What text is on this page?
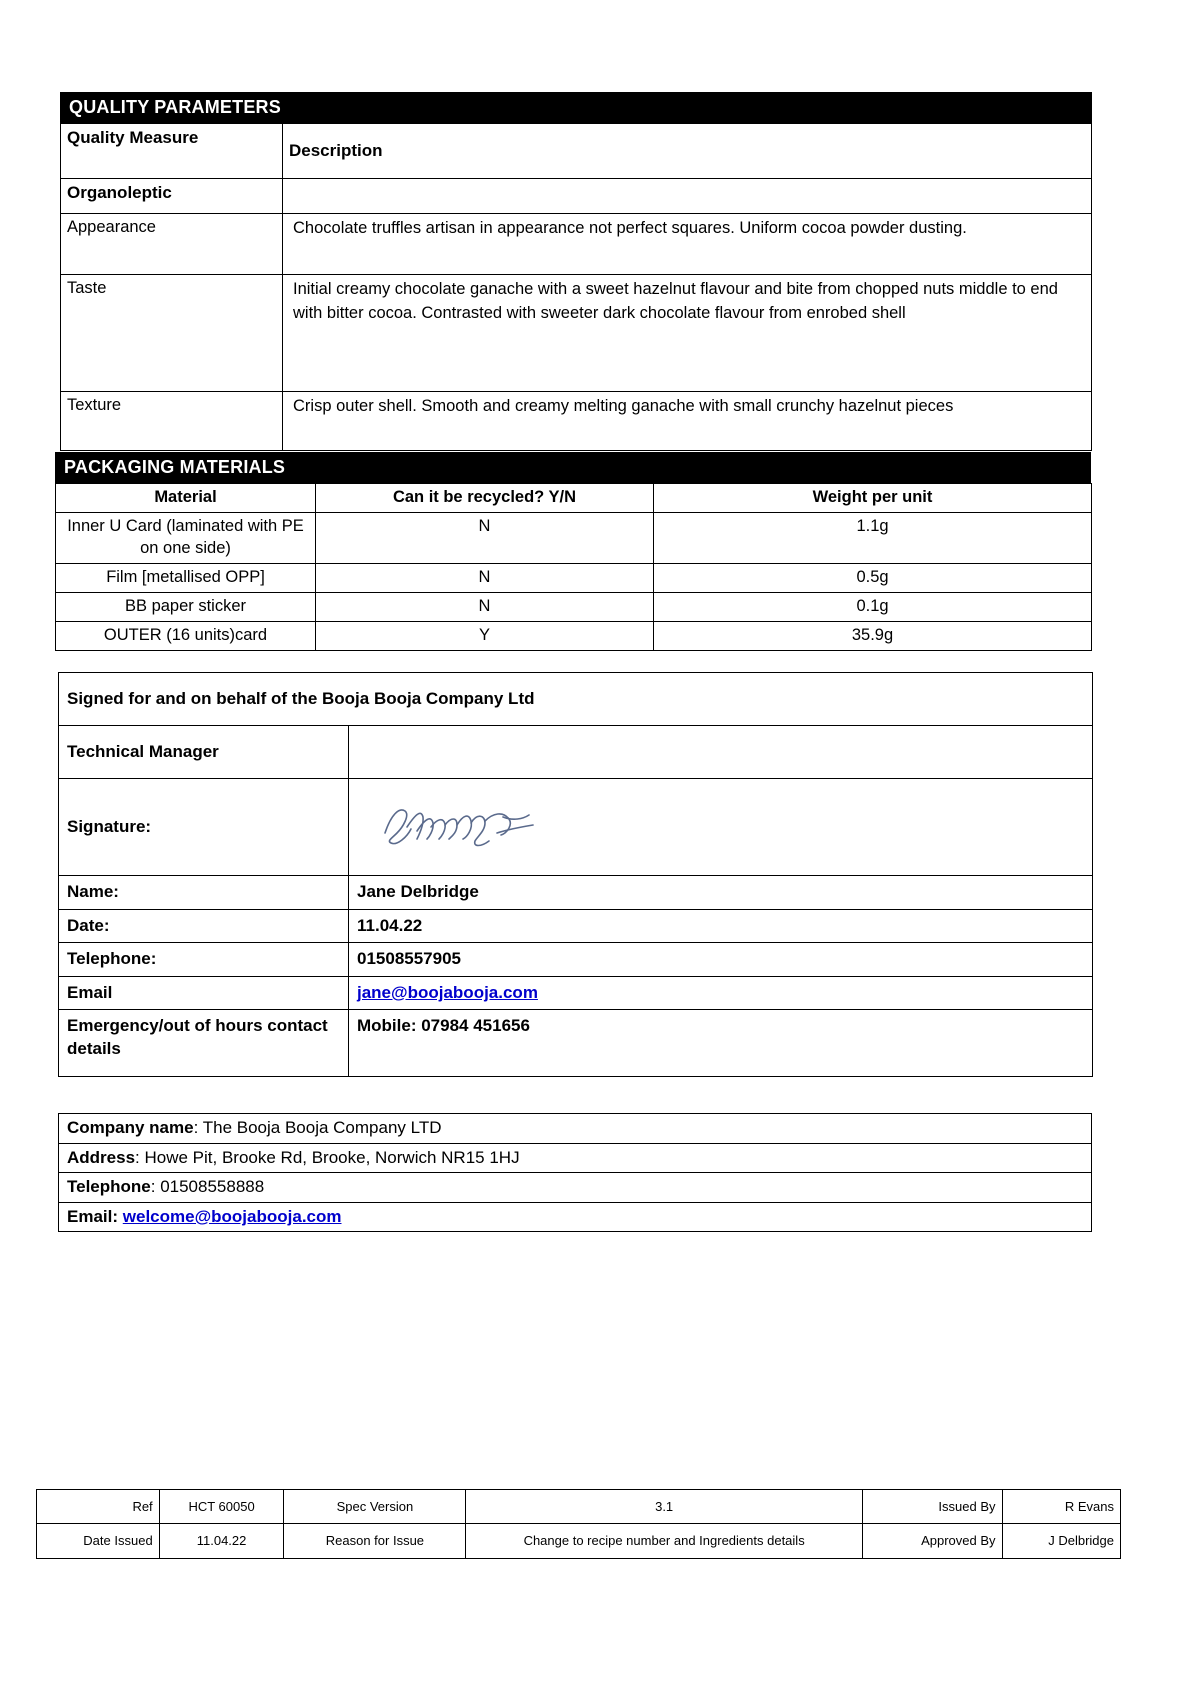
QUALITY PARAMETERS
Quality Measure	Description
Organoleptic	
Appearance	Chocolate truffles artisan in appearance not perfect squares. Uniform cocoa powder dusting.
Taste	Initial creamy chocolate ganache with a sweet hazelnut flavour and bite from chopped nuts middle to end with bitter cocoa. Contrasted with sweeter dark chocolate flavour from enrobed shell
Texture	Crisp outer shell. Smooth and creamy melting ganache with small crunchy hazelnut pieces
PACKAGING MATERIALS
Material	Can it be recycled? Y/N	Weight per unit
Inner U Card (laminated with PE on one side)	N	1.1g
Film [metallised OPP]	N	0.5g
BB paper sticker	N	0.1g
OUTER (16 units)card	Y	35.9g
Signed for and on behalf of the Booja Booja Company Ltd	
Technical Manager	
Signature:	

Name:	Jane Delbridge
Date:	11.04.22
Telephone:	01508557905
Email	jane@boojabooja.com
Emergency/out of hours contact details	Mobile: 07984 451656
Company name: The Booja Booja Company LTD
Address: Howe Pit, Brooke Rd, Brooke, Norwich NR15 1HJ
Telephone: 01508558888
Email: welcome@boojabooja.com
Ref	HCT 60050	Spec Version	3.1	Issued By	R Evans
Date Issued	11.04.22	Reason for Issue	Change to recipe number and Ingredients details	Approved By	J Delbridge
